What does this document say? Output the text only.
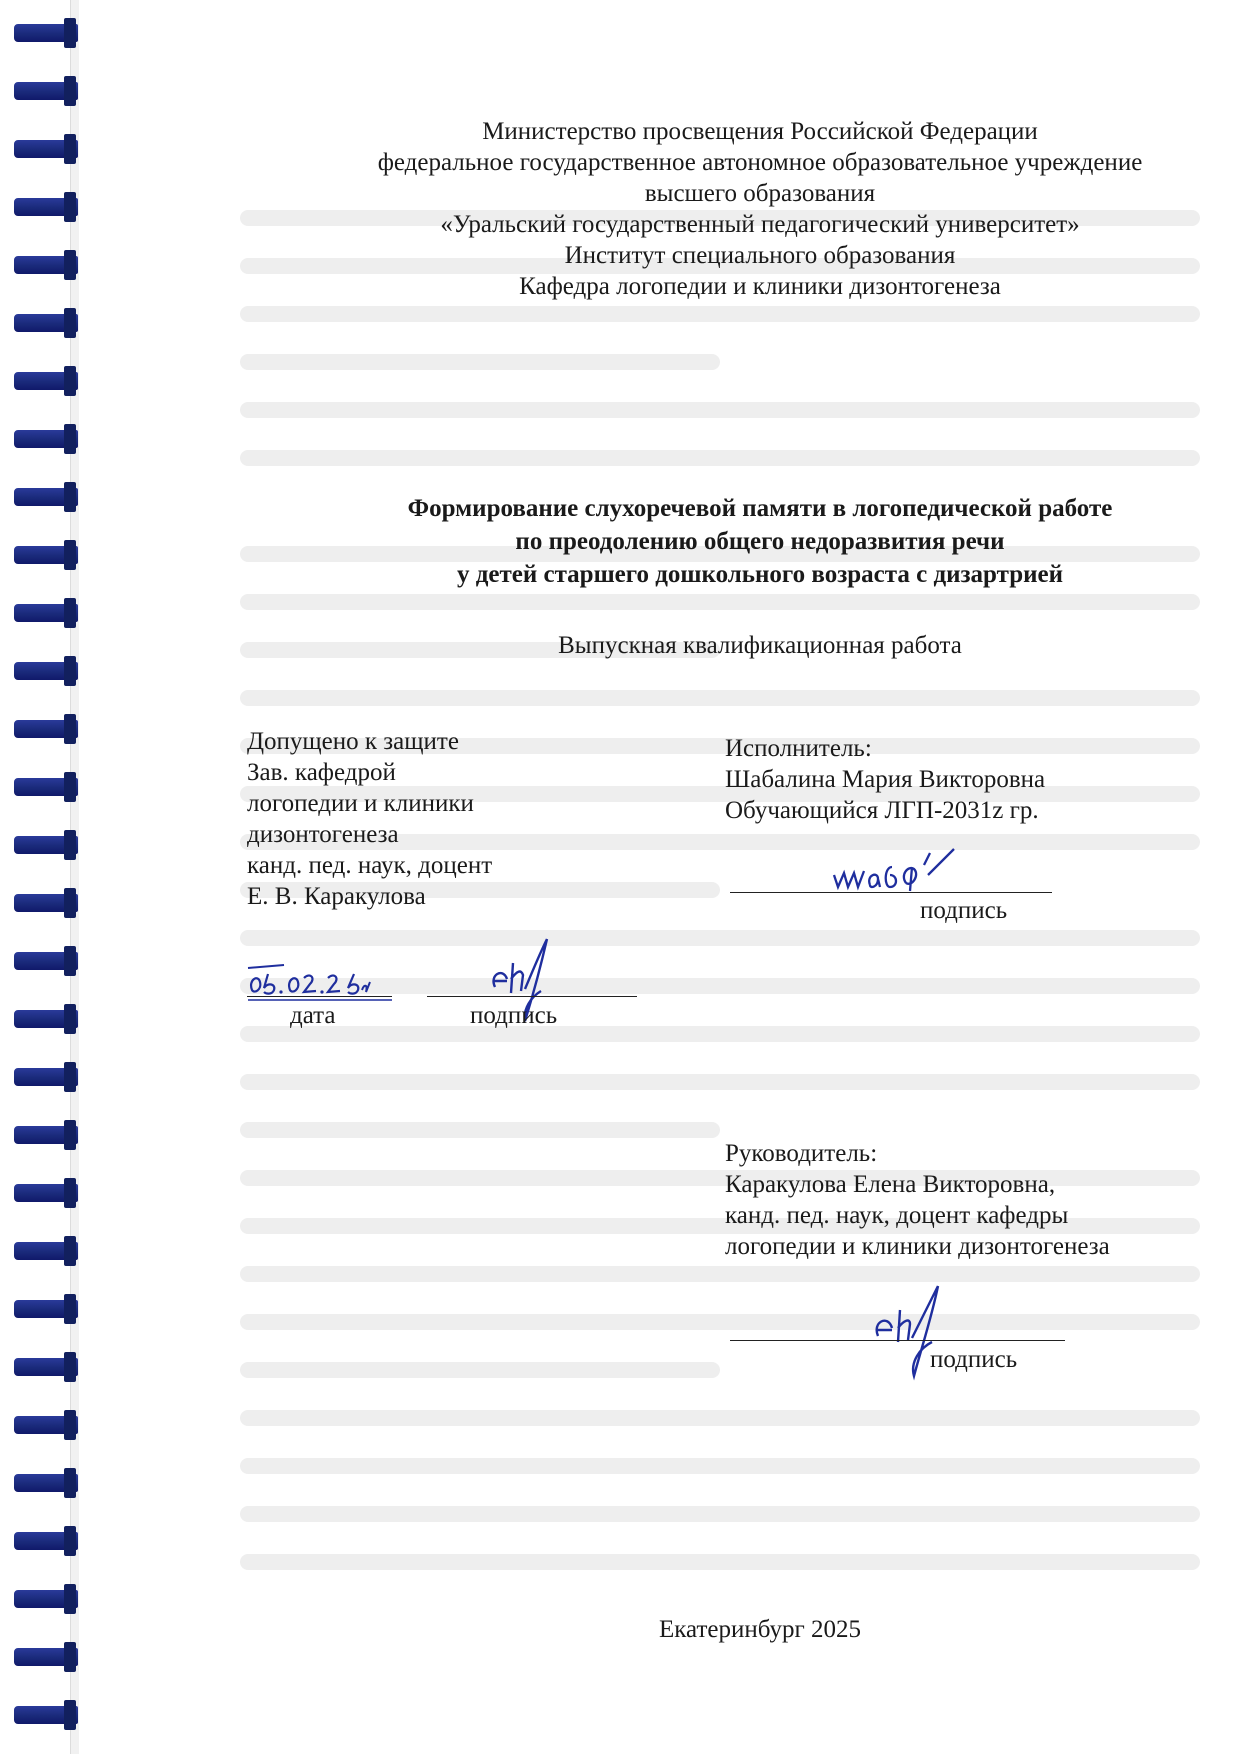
Министерство просвещения Российской Федерации
федеральное государственное автономное образовательное учреждение
высшего образования
«Уральский государственный педагогический университет»
Институт специального образования
Кафедра логопедии и клиники дизонтогенеза
Формирование слухоречевой памяти в логопедической работе
по преодолению общего недоразвития речи
у детей старшего дошкольного возраста с дизартрией
Выпускная квалификационная работа
Допущено к защите
Зав. кафедрой
логопедии и клиники
дизонтогенеза
канд. пед. наук, доцент
Е. В. Каракулова
дата	подпись
Исполнитель:
Шабалина Мария Викторовна
Обучающийся ЛГП-2031z гр.
подпись
Руководитель:
Каракулова Елена Викторовна,
канд. пед. наук, доцент кафедры
логопедии и клиники дизонтогенеза
подпись
Екатеринбург 2025
